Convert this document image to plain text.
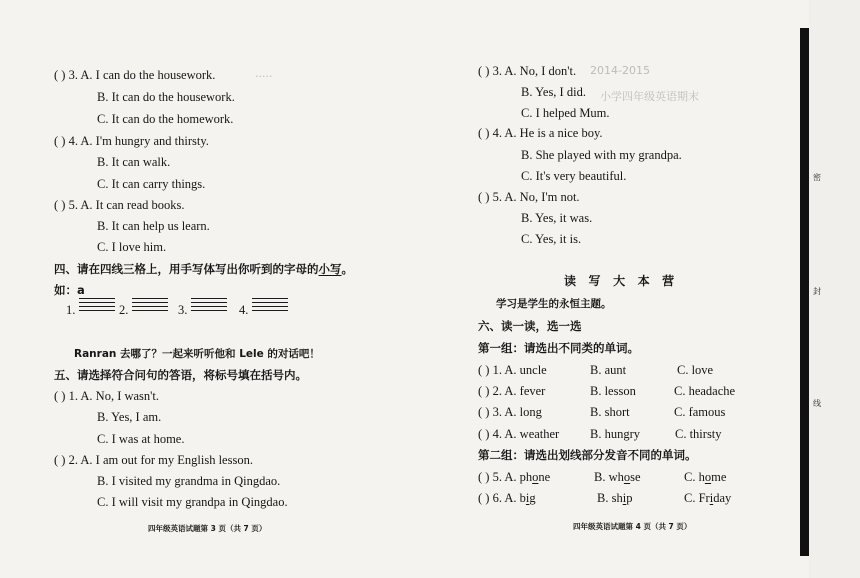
·····	2014-2015
小学四年级英语期末
( ) 3. A. I can do the housework.
B. It can do the housework.
C. It can do the homework.
( ) 4. A. I'm hungry and thirsty.
B. It can walk.
C. It can carry things.
( ) 5. A. It can read books.
B. It can help us learn.
C. I love him.
四、请在四线三格上，用手写体写出你听到的字母的小写。
如：a
1.	2.	3.	4.
Ranran 去哪了？一起来听听他和 Lele 的对话吧！
五、请选择符合问句的答语，将标号填在括号内。
( ) 1. A. No, I wasn't.
B. Yes, I am.
C. I was at home.
( ) 2. A. I am out for my English lesson.
B. I visited my grandma in Qingdao.
C. I will visit my grandpa in Qingdao.
四年级英语试题第 3 页（共 7 页）
( ) 3. A. No, I don't.
B. Yes, I did.
C. I helped Mum.
( ) 4. A. He is a nice boy.
B. She played with my grandpa.
C. It's very beautiful.
( ) 5. A. No, I'm not.
B. Yes, it was.
C. Yes, it is.
读   写   大   本   营
学习是学生的永恒主题。
六、读一读，选一选
第一组：请选出不同类的单词。
( ) 1. A. uncle	B. aunt	C. love
( ) 2. A. fever	B. lesson	C. headache
( ) 3. A. long	B. short	C. famous
( ) 4. A. weather B. hungry	C. thirsty
第二组：请选出划线部分发音不同的单词。
( ) 5. A. phone	B. whose	C. home
( ) 6. A. big	B. ship	C. Friday
四年级英语试题第 4 页（共 7 页）
密
封
线
